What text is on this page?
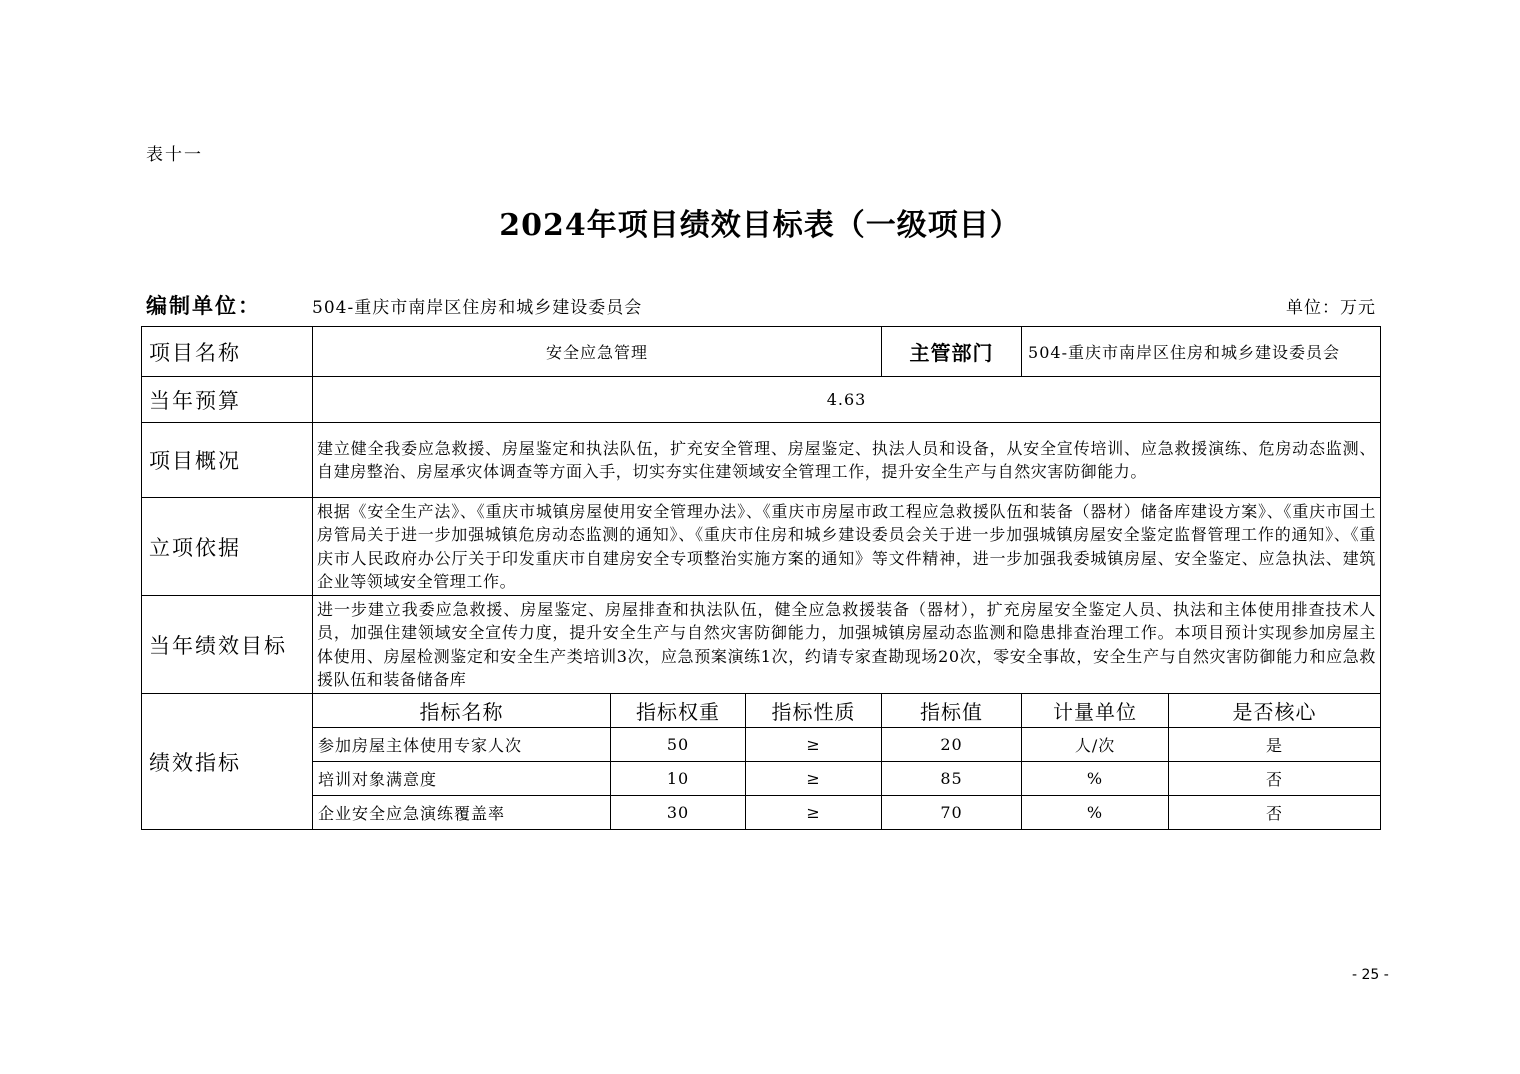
表十一
2024年项目绩效目标表（一级项目）
编制单位：	504-重庆市南岸区住房和城乡建设委员会	单位：万元
项目名称	安全应急管理			主管部门	504-重庆市南岸区住房和城乡建设委员会	
当年预算	4.63					
项目概况	建立健全我委应急救援、房屋鉴定和执法队伍，扩充安全管理、房屋鉴定、执法人员和设备，从安全宣传培训、应急救援演练、危房动态监测、自建房整治、房屋承灾体调查等方面入手，切实夯实住建领域安全管理工作，提升安全生产与自然灾害防御能力。					
立项依据	根据《安全生产法》、《重庆市城镇房屋使用安全管理办法》、《重庆市房屋市政工程应急救援队伍和装备（器材）储备库建设方案》、《重庆市国土房管局关于进一步加强城镇危房动态监测的通知》、《重庆市住房和城乡建设委员会关于进一步加强城镇房屋安全鉴定监督管理工作的通知》、《重庆市人民政府办公厅关于印发重庆市自建房安全专项整治实施方案的通知》等文件精神，进一步加强我委城镇房屋、安全鉴定、应急执法、建筑企业等领域安全管理工作。					
当年绩效目标	进一步建立我委应急救援、房屋鉴定、房屋排查和执法队伍，健全应急救援装备（器材），扩充房屋安全鉴定人员、执法和主体使用排查技术人员，加强住建领域安全宣传力度，提升安全生产与自然灾害防御能力，加强城镇房屋动态监测和隐患排查治理工作。本项目预计实现参加房屋主体使用、房屋检测鉴定和安全生产类培训3次，应急预案演练1次，约请专家查勘现场20次，零安全事故，安全生产与自然灾害防御能力和应急救援队伍和装备储备库					
绩效指标	指标名称	指标权重	指标性质	指标值	计量单位	是否核心
	参加房屋主体使用专家人次	50	≥	20	人/次	是
	培训对象满意度	10	≥	85	%	否
	企业安全应急演练覆盖率	30	≥	70	%	否
- 25 -
